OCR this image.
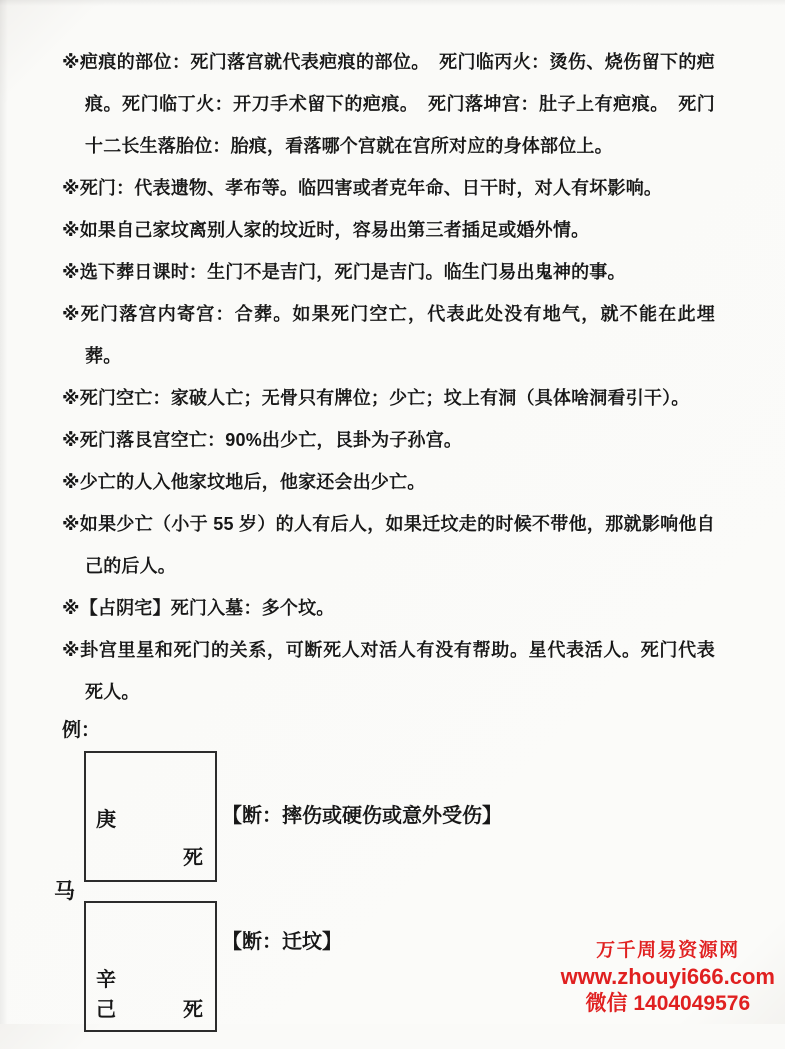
※疤痕的部位：死门落宫就代表疤痕的部位。　死门临丙火：烫伤、烧伤留下的疤痕。死门临丁火：开刀手术留下的疤痕。　死门落坤宫：肚子上有疤痕。　死门十二长生落胎位：胎痕，看落哪个宫就在宫所对应的身体部位上。

※死门：代表遗物、孝布等。临四害或者克年命、日干时，对人有坏影响。

※如果自己家坟离别人家的坟近时，容易出第三者插足或婚外情。

※选下葬日课时：生门不是吉门，死门是吉门。临生门易出鬼神的事。

※死门落宫内寄宫：合葬。如果死门空亡，代表此处没有地气，就不能在此埋葬。

※死门空亡：家破人亡；无骨只有牌位；少亡；坟上有洞（具体啥洞看引干）。

※死门落艮宫空亡：90%出少亡，艮卦为子孙宫。

※少亡的人入他家坟地后，他家还会出少亡。

※如果少亡（小于 55 岁）的人有后人，如果迁坟走的时候不带他，那就影响他自己的后人。

※【占阴宅】死门入墓：多个坟。

※卦宫里星和死门的关系，可断死人对活人有没有帮助。星代表活人。死门代表死人。

例：

庚
死
【断：摔伤或硬伤或意外受伤】
马
辛
己	死
【断：迁坟】	万千周易资源网
www.zhouyi666.com
微信 1404049576
